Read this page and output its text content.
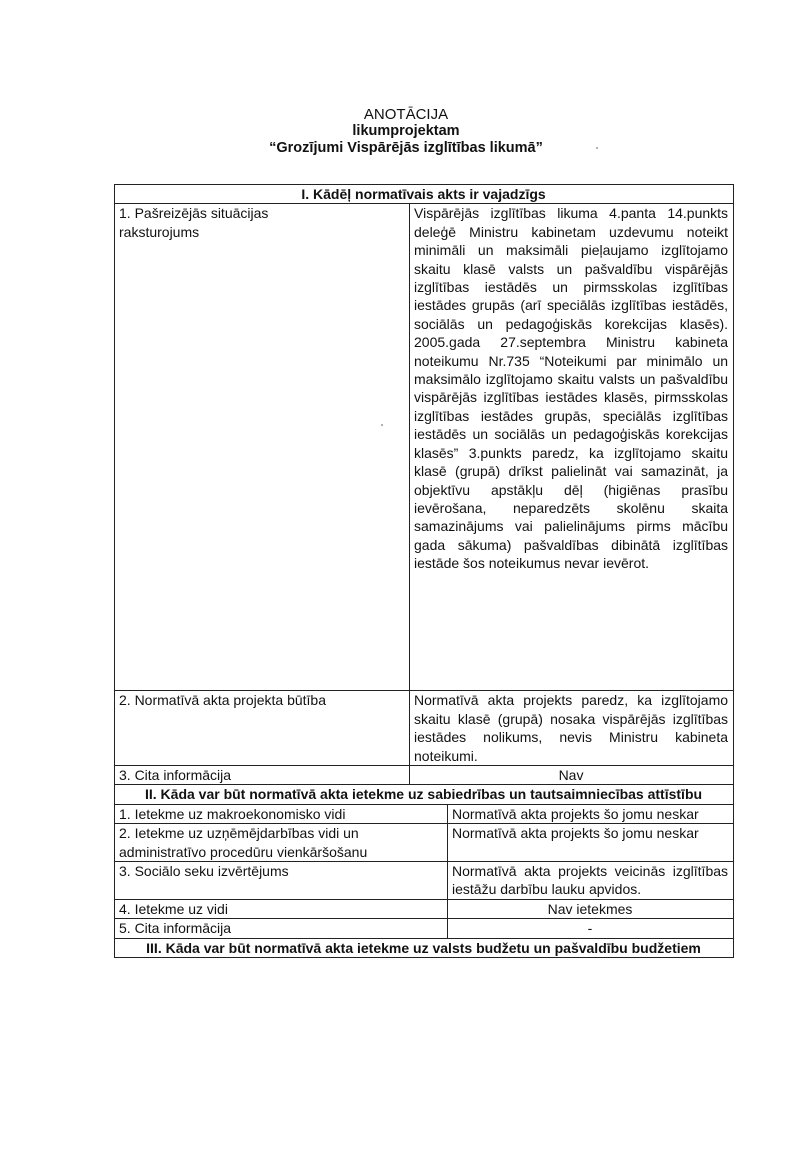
ANOTĀCIJA
likumprojektam
“Grozījumi Vispārējās izglītības likumā”
I. Kādēļ normatīvais akts ir vajadzīgs		
1. Pašreizējās situācijas raksturojums	Vispārējās izglītības likuma 4.panta 14.punkts deleģē Ministru kabinetam uzdevumu noteikt minimāli un maksimāli pieļaujamo izglītojamo skaitu klasē valsts un pašvaldību vispārējās izglītības iestādēs un pirmsskolas izglītības iestādes grupās (arī speciālās izglītības iestādēs, sociālās un pedagoģiskās korekcijas klasēs). 2005.gada 27.septembra Ministru kabineta noteikumu Nr.735 “Noteikumi par minimālo un maksimālo izglītojamo skaitu valsts un pašvaldību vispārējās izglītības iestādes klasēs, pirmsskolas izglītības iestādes grupās, speciālās izglītības iestādēs un sociālās un pedagoģiskās korekcijas klasēs” 3.punkts paredz, ka izglītojamo skaitu klasē (grupā) drīkst palielināt vai samazināt, ja objektīvu apstākļu dēļ (higiēnas prasību ievērošana, neparedzēts skolēnu skaita samazinājums vai palielinājums pirms mācību gada sākuma) pašvaldības dibinātā izglītības iestāde šos noteikumus nevar ievērot.	
2. Normatīvā akta projekta būtība	Normatīvā akta projekts paredz, ka izglītojamo skaitu klasē (grupā) nosaka vispārējās izglītības iestādes nolikums, nevis Ministru kabineta noteikumi.	
3. Cita informācija	Nav	
II. Kāda var būt normatīvā akta ietekme uz sabiedrības un tautsaimniecības attīstību		
1. Ietekme uz makroekonomisko vidi		Normatīvā akta projekts šo jomu neskar
2. Ietekme uz uzņēmējdarbības vidi un administratīvo procedūru vienkāršošanu		Normatīvā akta projekts šo jomu neskar
3. Sociālo seku izvērtējums		Normatīvā akta projekts veicinās izglītības iestāžu darbību lauku apvidos.
4. Ietekme uz vidi		Nav ietekmes
5. Cita informācija		-
III. Kāda var būt normatīvā akta ietekme uz valsts budžetu un pašvaldību budžetiem		
